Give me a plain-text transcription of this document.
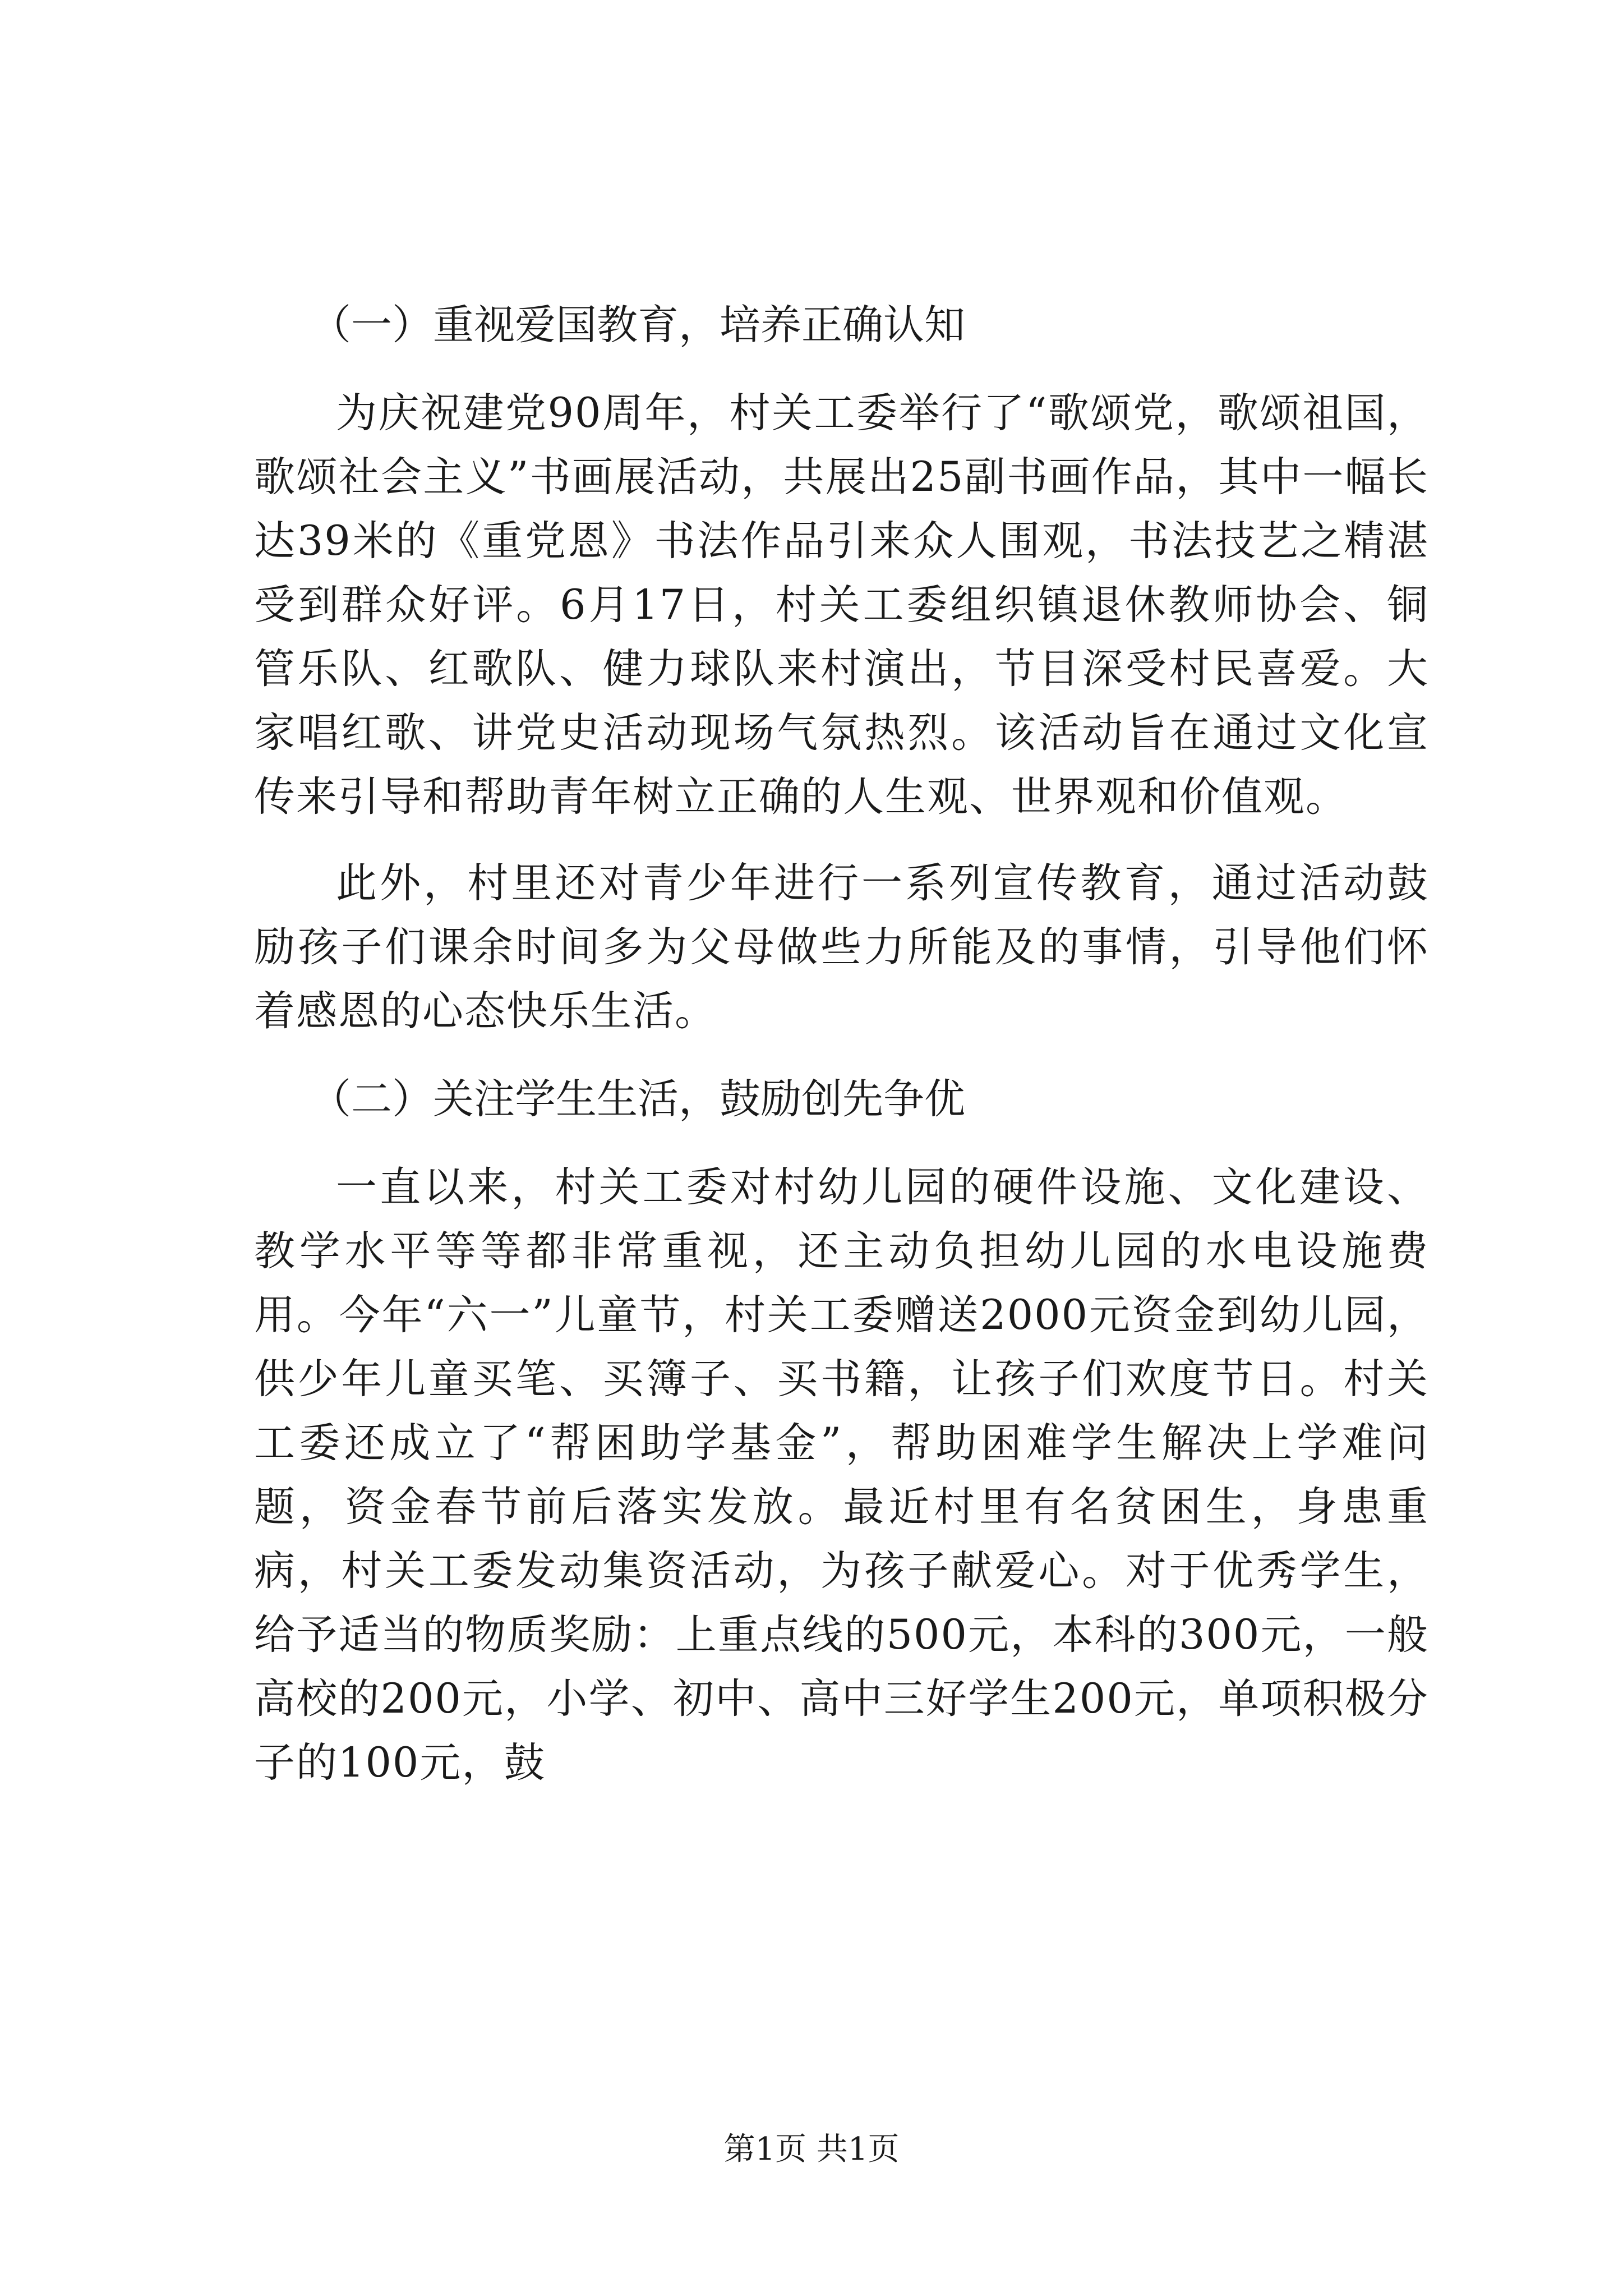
（一）重视爱国教育，培养正确认知

为庆祝建党90周年，村关工委举行了“歌颂党，歌颂祖国，歌颂社会主义”书画展活动，共展出25副书画作品，其中一幅长达39米的《重党恩》书法作品引来众人围观，书法技艺之精湛受到群众好评。6月17日，村关工委组织镇退休教师协会、铜管乐队、红歌队、健力球队来村演出，节目深受村民喜爱。大家唱红歌、讲党史活动现场气氛热烈。该活动旨在通过文化宣传来引导和帮助青年树立正确的人生观、世界观和价值观。

此外，村里还对青少年进行一系列宣传教育，通过活动鼓励孩子们课余时间多为父母做些力所能及的事情，引导他们怀着感恩的心态快乐生活。

（二）关注学生生活，鼓励创先争优

一直以来，村关工委对村幼儿园的硬件设施、文化建设、教学水平等等都非常重视，还主动负担幼儿园的水电设施费用。今年“六一”儿童节，村关工委赠送2000元资金到幼儿园，供少年儿童买笔、买簿子、买书籍，让孩子们欢度节日。村关工委还成立了“帮困助学基金”，帮助困难学生解决上学难问题，资金春节前后落实发放。最近村里有名贫困生，身患重病，村关工委发动集资活动，为孩子献爱心。对于优秀学生，给予适当的物质奖励：上重点线的500元，本科的300元，一般高校的200元，小学、初中、高中三好学生200元，单项积极分子的100元，鼓

第1页 共1页
